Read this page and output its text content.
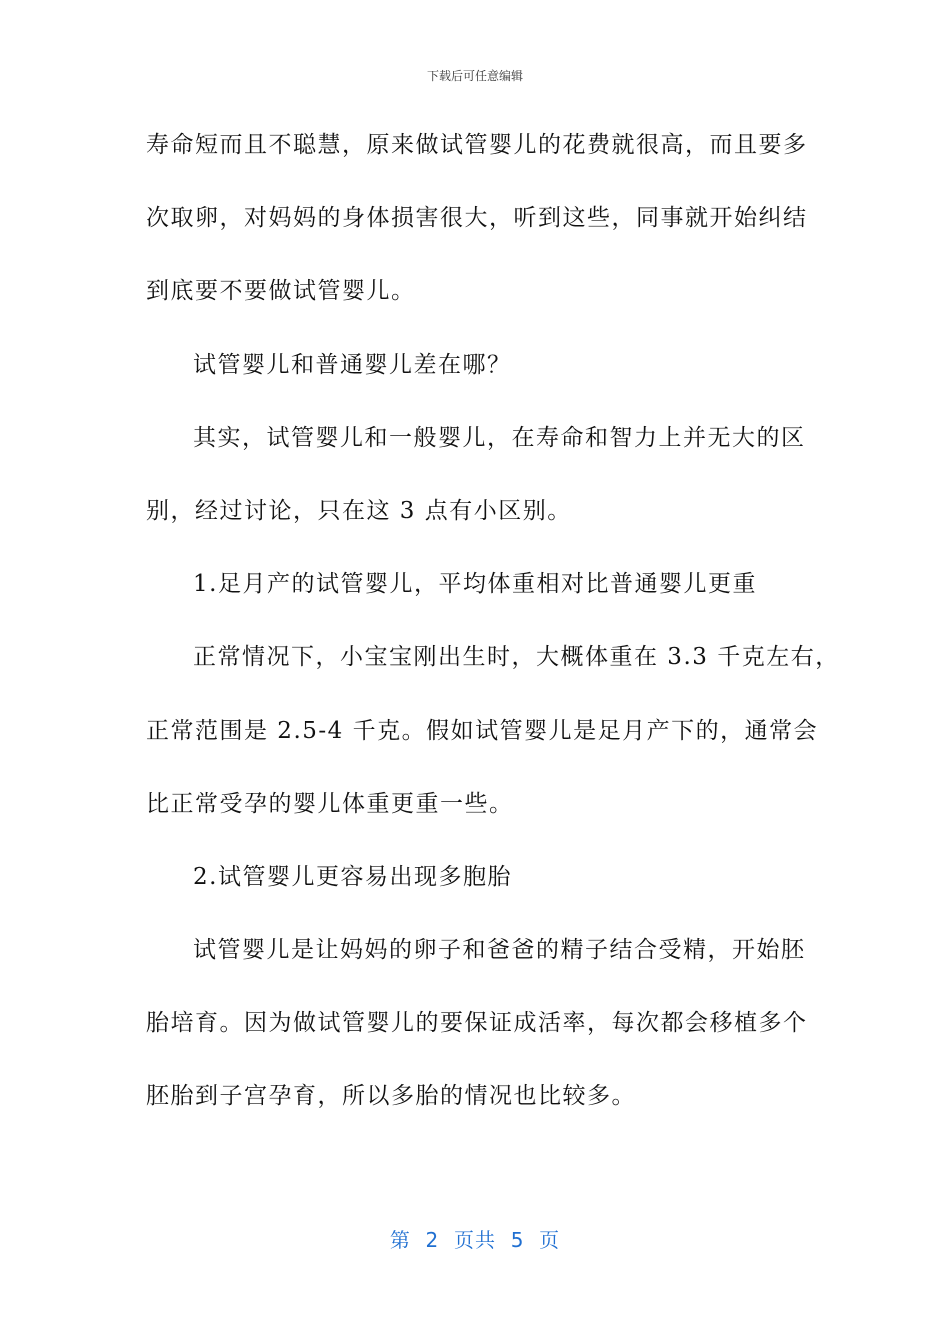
下载后可任意编辑
寿命短而且不聪慧，原来做试管婴儿的花费就很高，而且要多
次取卵，对妈妈的身体损害很大，听到这些，同事就开始纠结
到底要不要做试管婴儿。
试管婴儿和普通婴儿差在哪？
其实，试管婴儿和一般婴儿，在寿命和智力上并无大的区
别，经过讨论，只在这 3 点有小区别。
1.足月产的试管婴儿，平均体重相对比普通婴儿更重
正常情况下，小宝宝刚出生时，大概体重在 3.3 千克左右，
正常范围是 2.5-4 千克。假如试管婴儿是足月产下的，通常会
比正常受孕的婴儿体重更重一些。
2.试管婴儿更容易出现多胞胎
试管婴儿是让妈妈的卵子和爸爸的精子结合受精，开始胚
胎培育。因为做试管婴儿的要保证成活率，每次都会移植多个
胚胎到子宫孕育，所以多胎的情况也比较多。
第  2  页共  5  页
